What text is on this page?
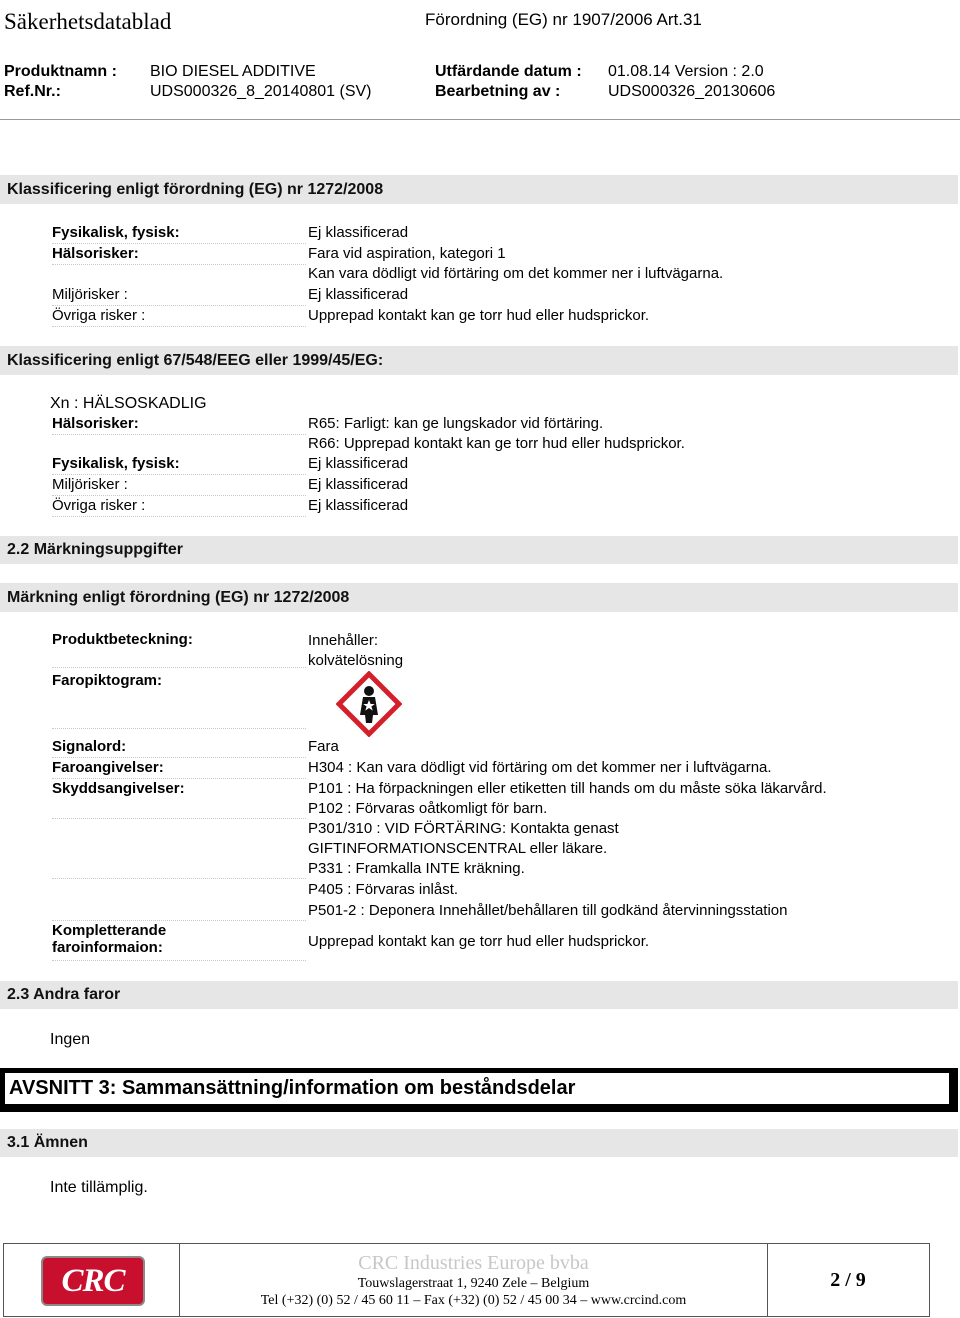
Säkerhetsdatablad	Förordning (EG) nr 1907/2006 Art.31
Produktnamn : BIO DIESEL ADDITIVE	Utfärdande datum : 01.08.14 Version : 2.0
Ref.Nr.:	UDS000326_8_20140801 (SV)	Bearbetning av :	UDS000326_20130606
Klassificering enligt förordning (EG) nr 1272/2008
Fysikalisk, fysisk:	Ej klassificerad
Hälsorisker:	Fara vid aspiration, kategori 1
Kan vara dödligt vid förtäring om det kommer ner i luftvägarna.
Miljörisker :	Ej klassificerad
Övriga risker :	Upprepad kontakt kan ge torr hud eller hudsprickor.
Klassificering enligt 67/548/EEG eller 1999/45/EG:
Xn : HÄLSOSKADLIG
Hälsorisker:	R65: Farligt: kan ge lungskador vid förtäring.
R66: Upprepad kontakt kan ge torr hud eller hudsprickor.
Fysikalisk, fysisk:	Ej klassificerad
Miljörisker :	Ej klassificerad
Övriga risker :	Ej klassificerad
2.2 Märkningsuppgifter
Märkning enligt förordning (EG) nr 1272/2008
Produktbeteckning:	Innehåller:
kolvätelösning
Faropiktogram:
Signalord:	Fara
Faroangivelser:	H304 : Kan vara dödligt vid förtäring om det kommer ner i luftvägarna.
Skyddsangivelser:	P101 : Ha förpackningen eller etiketten till hands om du måste söka läkarvård.
P102 : Förvaras oåtkomligt för barn.
P301/310 : VID FÖRTÄRING: Kontakta genast
GIFTINFORMATIONSCENTRAL eller läkare.
P331 : Framkalla INTE kräkning.
P405 : Förvaras inlåst.
P501-2 : Deponera Innehållet/behållaren till godkänd återvinningsstation
Kompletterande
faroinformaion:	Upprepad kontakt kan ge torr hud eller hudsprickor.
2.3 Andra faror
Ingen
AVSNITT 3: Sammansättning/information om beståndsdelar
3.1 Ämnen
Inte tillämplig.
CRC	CRC Industries Europe bvba
Touwslagerstraat 1, 9240 Zele – Belgium
Tel (+32) (0) 52 / 45 60 11 – Fax (+32) (0) 52 / 45 00 34 – www.crcind.com
2 / 9
